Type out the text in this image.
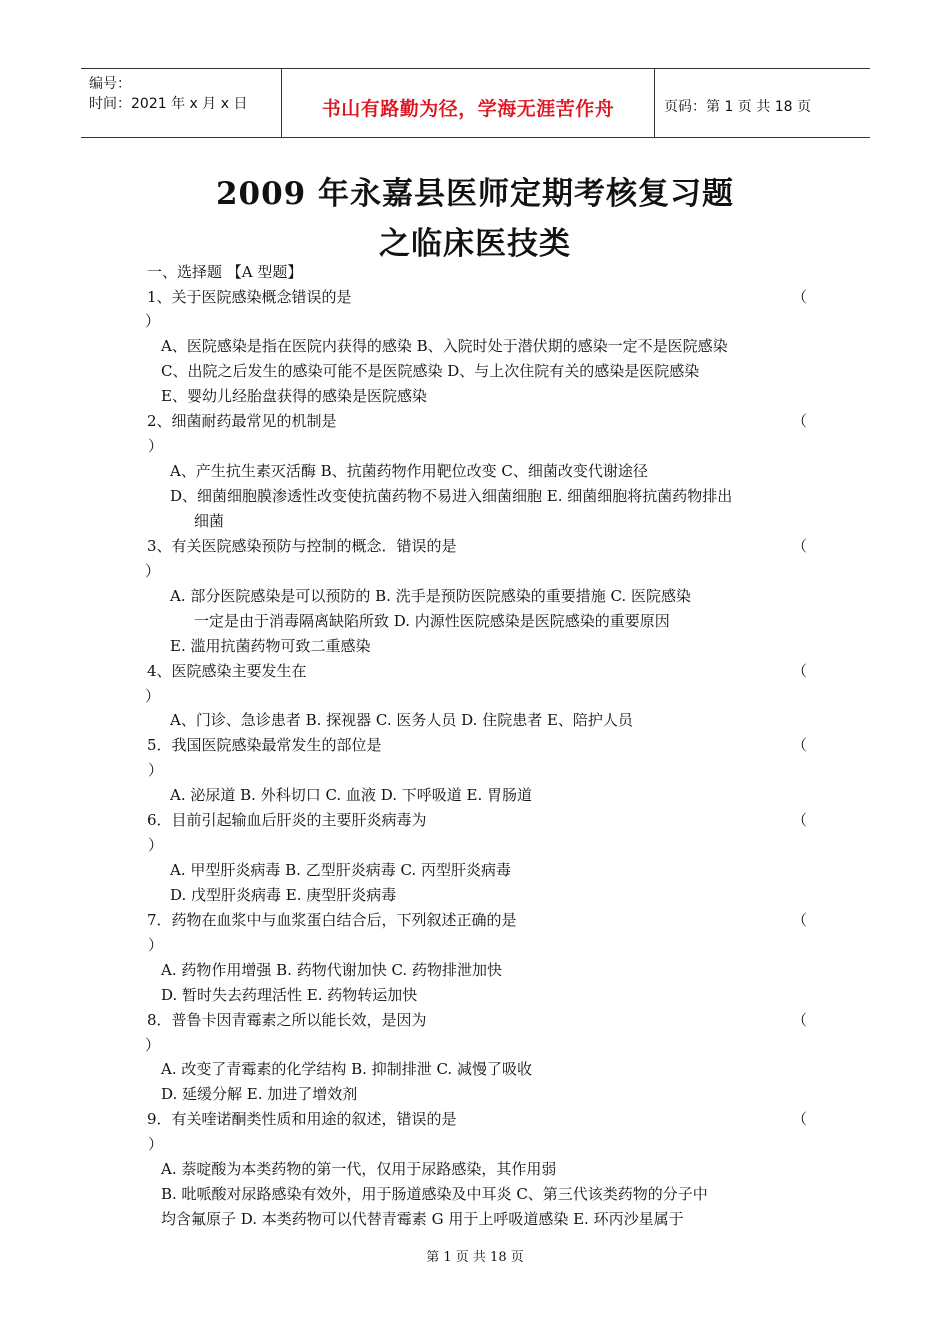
编号：
时间：2021 年 x 月 x 日	书山有路勤为径，学海无涯苦作舟	页码：第 1 页 共 18 页
2009 年永嘉县医师定期考核复习题
之临床医技类
一、选择题 【A 型题】
1、关于医院感染概念错误的是	（
）
A、医院感染是指在医院内获得的感染 B、入院时处于潜伏期的感染一定不是医院感染
C、出院之后发生的感染可能不是医院感染 D、与上次住院有关的感染是医院感染
E、婴幼儿经胎盘获得的感染是医院感染
2、细菌耐药最常见的机制是	（
）
A、产生抗生素灭活酶 B、抗菌药物作用靶位改变 C、细菌改变代谢途径
D、细菌细胞膜渗透性改变使抗菌药物不易进入细菌细胞 E. 细菌细胞将抗菌药物排出
细菌
3、有关医院感染预防与控制的概念．错误的是	（
）
A. 部分医院感染是可以预防的 B. 洗手是预防医院感染的重要措施 C. 医院感染
一定是由于消毒隔离缺陷所致 D. 内源性医院感染是医院感染的重要原因
E. 滥用抗菌药物可致二重感染
4、医院感染主要发生在	（
）
A、门诊、急诊患者 B. 探视器 C. 医务人员 D. 住院患者 E、陪护人员
5．我国医院感染最常发生的部位是	（
）
A. 泌尿道 B. 外科切口 C. 血液 D. 下呼吸道 E. 胃肠道
6．目前引起输血后肝炎的主要肝炎病毒为	（
）
A. 甲型肝炎病毒 B. 乙型肝炎病毒 C. 丙型肝炎病毒
D. 戊型肝炎病毒 E. 庚型肝炎病毒
7．药物在血浆中与血浆蛋白结合后，下列叙述正确的是	（
）
A. 药物作用增强 B. 药物代谢加快 C. 药物排泄加快
D. 暂时失去药理活性 E. 药物转运加快
8．普鲁卡因青霉素之所以能长效，是因为	（
）
A. 改变了青霉素的化学结构 B. 抑制排泄 C. 减慢了吸收
D. 延缓分解 E. 加进了增效剂
9．有关喹诺酮类性质和用途的叙述，错误的是	（
）
A. 萘啶酸为本类药物的第一代，仅用于尿路感染，其作用弱
B. 吡哌酸对尿路感染有效外，用于肠道感染及中耳炎 C、第三代该类药物的分子中
均含氟原子 D. 本类药物可以代替青霉素 G 用于上呼吸道感染 E. 环丙沙星属于
第 1 页 共 18 页
